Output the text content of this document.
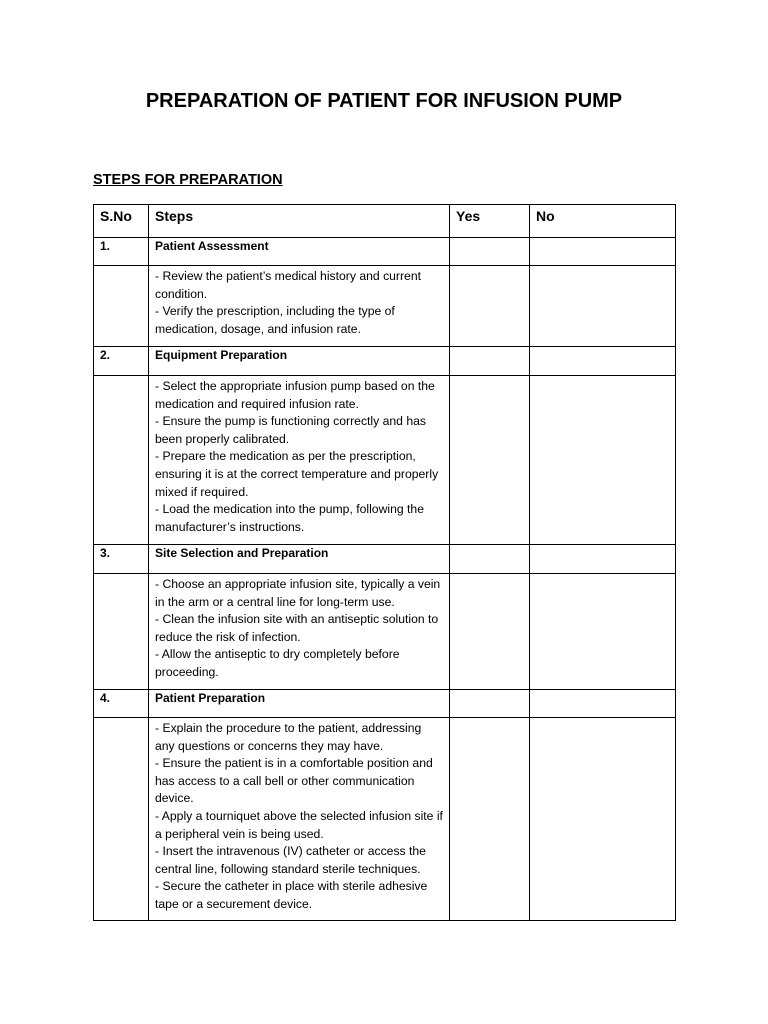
PREPARATION OF PATIENT FOR INFUSION PUMP
STEPS FOR PREPARATION
S.No	Steps	Yes	No
1.	Patient Assessment		

	- Review the patient’s medical history and current condition.
- Verify the prescription, including the type of medication, dosage, and infusion rate.		

2.	Equipment Preparation		

	- Select the appropriate infusion pump based on the medication and required infusion rate.
- Ensure the pump is functioning correctly and has been properly calibrated.
- Prepare the medication as per the prescription, ensuring it is at the correct temperature and properly mixed if required.
- Load the medication into the pump, following the manufacturer’s instructions.		

3.	Site Selection and Preparation		

	- Choose an appropriate infusion site, typically a vein in the arm or a central line for long-term use.
- Clean the infusion site with an antiseptic solution to reduce the risk of infection.
- Allow the antiseptic to dry completely before proceeding.		

4.	Patient Preparation		

	- Explain the procedure to the patient, addressing any questions or concerns they may have.
- Ensure the patient is in a comfortable position and has access to a call bell or other communication device.
- Apply a tourniquet above the selected infusion site if a peripheral vein is being used.
- Insert the intravenous (IV) catheter or access the central line, following standard sterile techniques.
- Secure the catheter in place with sterile adhesive tape or a securement device.		
